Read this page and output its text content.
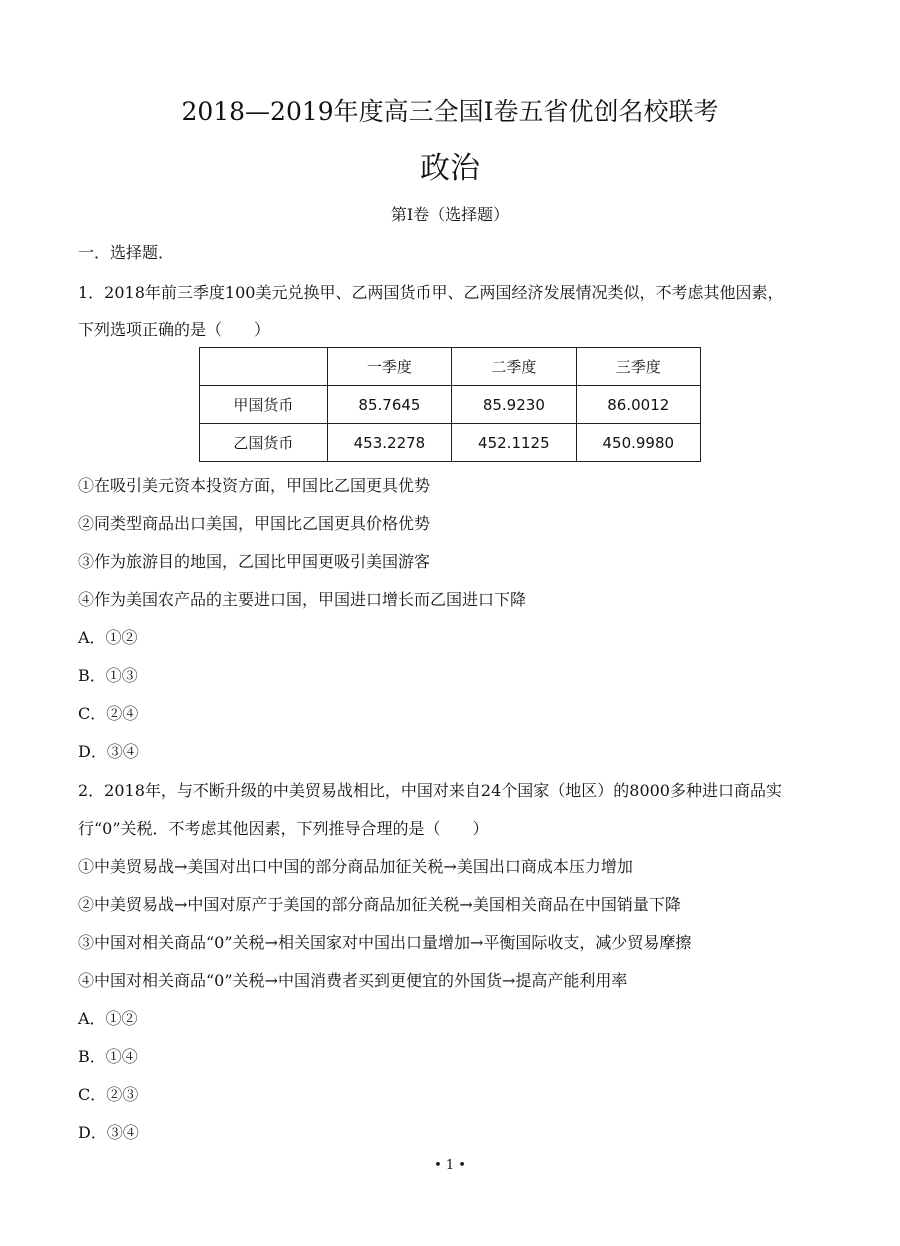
2018—2019年度高三全国Ⅰ卷五省优创名校联考
政治
第Ⅰ卷（选择题）
一．选择题．
1．2018年前三季度100美元兑换甲、乙两国货币甲、乙两国经济发展情况类似，不考虑其他因素，
下列选项正确的是（　　）
	一季度	二季度	三季度
甲国货币	85.7645	85.9230	86.0012
乙国货币	453.2278	452.1125	450.9980
①在吸引美元资本投资方面，甲国比乙国更具优势
②同类型商品出口美国，甲国比乙国更具价格优势
③作为旅游目的地国，乙国比甲国更吸引美国游客
④作为美国农产品的主要进口国，甲国进口增长而乙国进口下降
A．①②
B．①③
C．②④
D．③④
2．2018年，与不断升级的中美贸易战相比，中国对来自24个国家（地区）的8000多种进口商品实
行“0”关税．不考虑其他因素，下列推导合理的是（　　）
①中美贸易战→美国对出口中国的部分商品加征关税→美国出口商成本压力增加
②中美贸易战→中国对原产于美国的部分商品加征关税→美国相关商品在中国销量下降
③中国对相关商品“0”关税→相关国家对中国出口量增加→平衡国际收支，减少贸易摩擦
④中国对相关商品“0”关税→中国消费者买到更便宜的外国货→提高产能利用率
A．①②
B．①④
C．②③
D．③④
• 1 •
